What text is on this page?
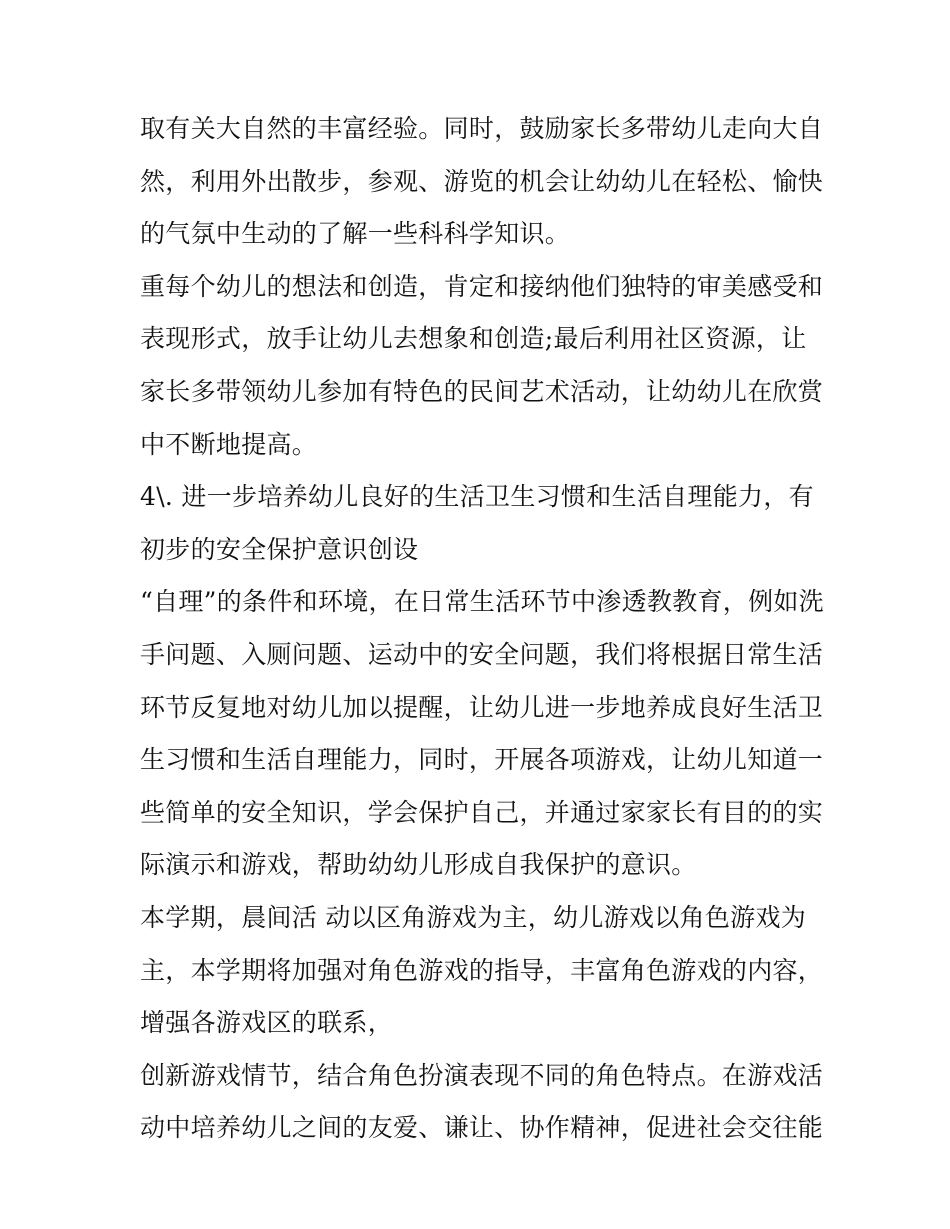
取有关大自然的丰富经验。同时，鼓励家长多带幼儿走向大自
然，利用外出散步，参观、游览的机会让幼幼儿在轻松、愉快
的气氛中生动的了解一些科科学知识。
重每个幼儿的想法和创造，肯定和接纳他们独特的审美感受和
表现形式，放手让幼儿去想象和创造;最后利用社区资源，让
家长多带领幼儿参加有特色的民间艺术活动，让幼幼儿在欣赏
中不断地提高。
4\. 进一步培养幼儿良好的生活卫生习惯和生活自理能力，有
初步的安全保护意识创设
“自理”的条件和环境，在日常生活环节中渗透教教育，例如洗
手问题、入厕问题、运动中的安全问题，我们将根据日常生活
环节反复地对幼儿加以提醒，让幼儿进一步地养成良好生活卫
生习惯和生活自理能力，同时，开展各项游戏，让幼儿知道一
些简单的安全知识，学会保护自己，并通过家家长有目的的实
际演示和游戏，帮助幼幼儿形成自我保护的意识。
本学期，晨间活 动以区角游戏为主，幼儿游戏以角色游戏为
主，本学期将加强对角色游戏的指导，丰富角色游戏的内容，
增强各游戏区的联系，
创新游戏情节，结合角色扮演表现不同的角色特点。在游戏活
动中培养幼儿之间的友爱、谦让、协作精神，促进社会交往能
